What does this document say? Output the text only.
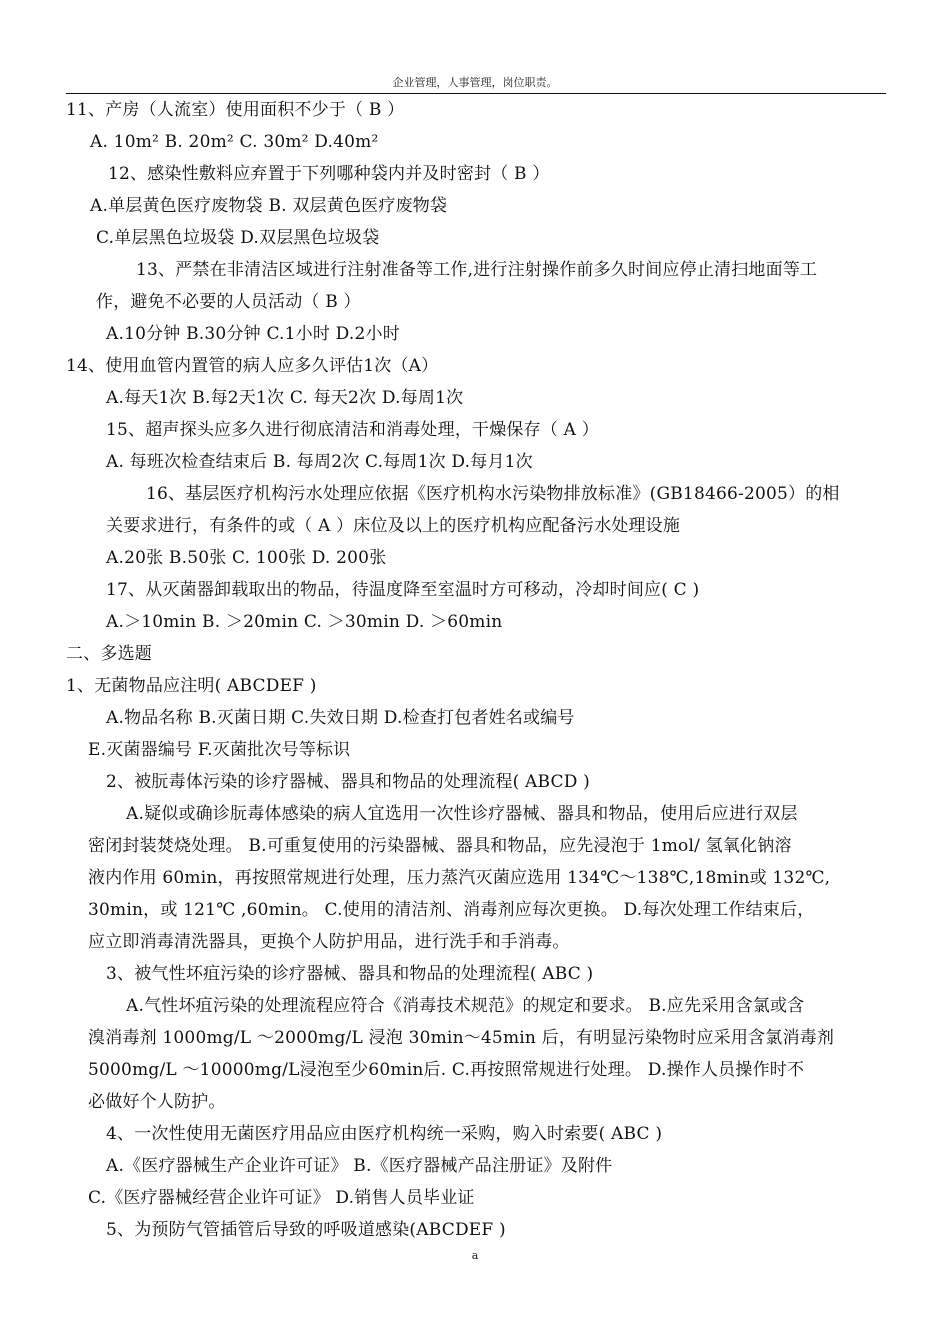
企业管理，人事管理，岗位职责。
11、产房（人流室）使用面积不少于（ B ）
A. 10m² B. 20m² C. 30m² D.40m²
12、感染性敷料应弃置于下列哪种袋内并及时密封（ B ）
A.单层黄色医疗废物袋 B. 双层黄色医疗废物袋
C.单层黑色垃圾袋 D.双层黑色垃圾袋
13、严禁在非清洁区域进行注射准备等工作,进行注射操作前多久时间应停止清扫地面等工
作，避免不必要的人员活动（ B ）
A.10分钟 B.30分钟 C.1小时 D.2小时
14、使用血管内置管的病人应多久评估1次（A）
A.每天1次 B.每2天1次 C. 每天2次 D.每周1次
15、超声探头应多久进行彻底清洁和消毒处理，干燥保存（ A ）
A. 每班次检查结束后 B. 每周2次 C.每周1次 D.每月1次
16、基层医疗机构污水处理应依据《医疗机构水污染物排放标准》(GB18466-2005）的相
关要求进行，有条件的或（ A ）床位及以上的医疗机构应配备污水处理设施
A.20张 B.50张 C. 100张 D. 200张
17、从灭菌器卸载取出的物品，待温度降至室温时方可移动，冷却时间应( C )
A.＞10min B. ＞20min C. ＞30min D. ＞60min
二、多选题
1、无菌物品应注明( ABCDEF )
A.物品名称 B.灭菌日期 C.失效日期 D.检查打包者姓名或编号
E.灭菌器编号 F.灭菌批次号等标识
2、被朊毒体污染的诊疗器械、器具和物品的处理流程( ABCD )
A.疑似或确诊朊毒体感染的病人宜选用一次性诊疗器械、器具和物品，使用后应进行双层
密闭封装焚烧处理。 B.可重复使用的污染器械、器具和物品，应先浸泡于 1mol/ 氢氧化钠溶
液内作用 60min，再按照常规进行处理，压力蒸汽灭菌应选用 134℃～138℃,18min或 132℃,
30min，或 121℃ ,60min。 C.使用的清洁剂、消毒剂应每次更换。 D.每次处理工作结束后，
应立即消毒清洗器具，更换个人防护用品，进行洗手和手消毒。
3、被气性坏疽污染的诊疗器械、器具和物品的处理流程( ABC )
A.气性坏疽污染的处理流程应符合《消毒技术规范》的规定和要求。 B.应先采用含氯或含
溴消毒剂 1000mg/L ～2000mg/L 浸泡 30min～45min 后，有明显污染物时应采用含氯消毒剂
5000mg/L ～10000mg/L浸泡至少60min后. C.再按照常规进行处理。 D.操作人员操作时不
必做好个人防护。
4、一次性使用无菌医疗用品应由医疗机构统一采购，购入时索要( ABC )
A.《医疗器械生产企业许可证》 B.《医疗器械产品注册证》及附件
C.《医疗器械经营企业许可证》 D.销售人员毕业证
5、为预防气管插管后导致的呼吸道感染(ABCDEF )
a
